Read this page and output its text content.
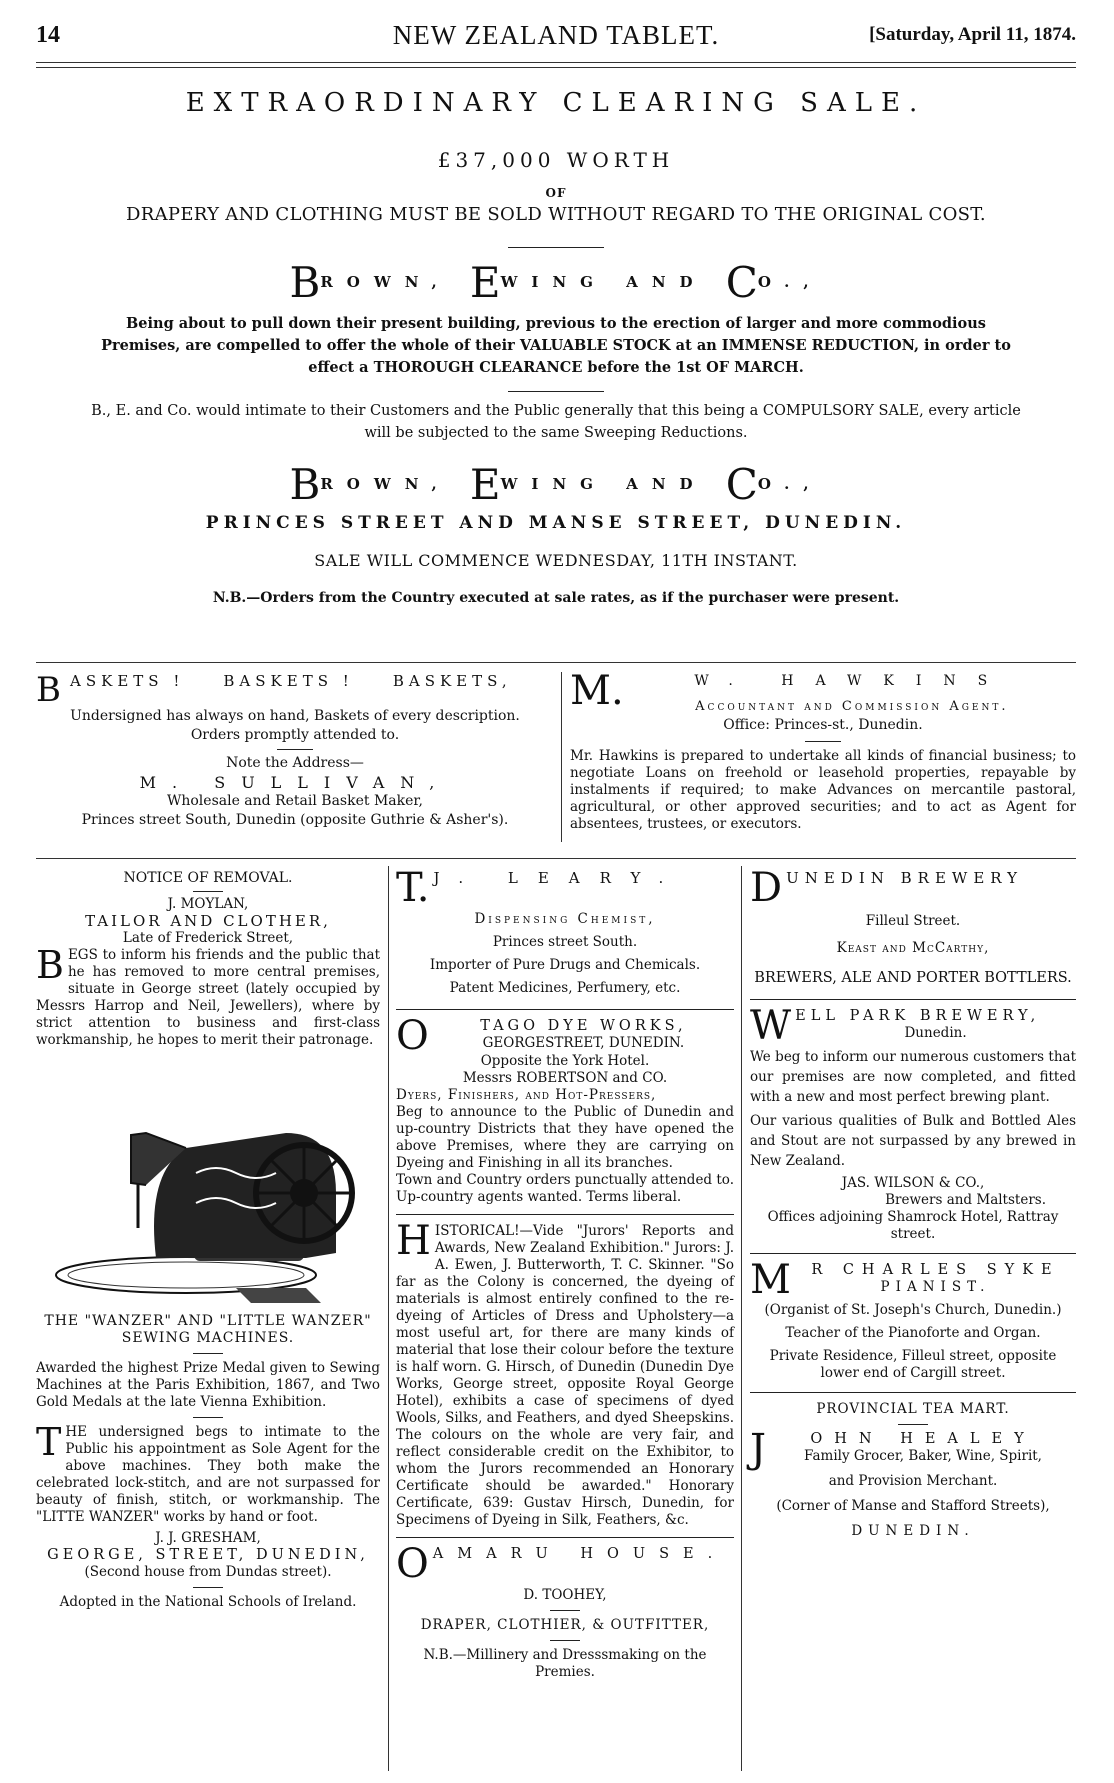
14	NEW ZEALAND TABLET.	[Saturday, April 11, 1874.
EXTRAORDINARY CLEARING SALE.
£37,000 WORTH
OF
DRAPERY AND CLOTHING MUST BE SOLD WITHOUT REGARD TO THE ORIGINAL COST.
BROWN, EWING AND CO.,
Being about to pull down their present building, previous to the erection of larger and more commodious Premises, are compelled to offer the whole of their VALUABLE STOCK at an IMMENSE REDUCTION, in order to effect a THOROUGH CLEARANCE before the 1st OF MARCH.
B., E. and Co. would intimate to their Customers and the Public generally that this being a COMPULSORY SALE, every article will be subjected to the same Sweeping Reductions.
BROWN, EWING AND CO.,
PRINCES STREET AND MANSE STREET, DUNEDIN.
SALE WILL COMMENCE WEDNESDAY, 11TH INSTANT.
N.B.—Orders from the Country executed at sale rates, as if the purchaser were present.
B ASKETS !    BASKETS !    BASKETS,
Undersigned has always on hand, Baskets of every description.
Orders promptly attended to.
Note the Address—
M. SULLIVAN,
Wholesale and Retail Basket Maker,
Princes street South, Dunedin (opposite Guthrie & Asher's).
M.	W. HAWKINS
Accountant and Commission Agent.
Office: Princes-st., Dunedin.
Mr. Hawkins is prepared to undertake all kinds of financial business; to negotiate Loans on freehold or leasehold properties, repayable by instalments if required; to make Advances on mercantile pastoral, agricultural, or other approved securities; and to act as Agent for absentees, trustees, or executors.
NOTICE OF REMOVAL.
J. MOYLAN,
TAILOR AND CLOTHER,
Late of Frederick Street,
B EGS to inform his friends and the public that he has removed to more central premises, situate in George street (lately occupied by Messrs Harrop and Neil, Jewellers), where by strict attention to business and first-class workmanship, he hopes to merit their patronage.
THE "WANZER" AND "LITTLE WANZER" SEWING MACHINES.
Awarded the highest Prize Medal given to Sewing Machines at the Paris Exhibition, 1867, and Two Gold Medals at the late Vienna Exhibition.
T HE undersigned begs to intimate to the Public his appointment as Sole Agent for the above machines. They both make the celebrated lock-stitch, and are not surpassed for beauty of finish, stitch, or workmanship. The "LITTE WANZER" works by hand or foot.
J. J. GRESHAM,
GEORGE, STREET, DUNEDIN,
(Second house from Dundas street).
Adopted in the National Schools of Ireland.
T. J. LEARY.
Dispensing Chemist,
Princes street South.
Importer of Pure Drugs and Chemicals.
Patent Medicines, Perfumery, etc.
O	TAGO DYE WORKS,
GEORGESTREET, DUNEDIN.
Opposite the York Hotel.
Messrs ROBERTSON and CO.
Dyers, Finishers, and Hot-Pressers,
Beg to announce to the Public of Dunedin and up-country Districts that they have opened the above Premises, where they are carrying on Dyeing and Finishing in all its branches.
Town and Country orders punctually attended to. Up-country agents wanted. Terms liberal.
H ISTORICAL!—Vide "Jurors' Reports and Awards, New Zealand Exhibition." Jurors: J. A. Ewen, J. Butterworth, T. C. Skinner. "So far as the Colony is concerned, the dyeing of materials is almost entirely confined to the re-dyeing of Articles of Dress and Upholstery—a most useful art, for there are many kinds of material that lose their colour before the texture is half worn. G. Hirsch, of Dunedin (Dunedin Dye Works, George street, opposite Royal George Hotel), exhibits a case of specimens of dyed Wools, Silks, and Feathers, and dyed Sheepskins. The colours on the whole are very fair, and reflect considerable credit on the Exhibitor, to whom the Jurors recommended an Honorary Certificate should be awarded." Honorary Certificate, 639: Gustav Hirsch, Dunedin, for Specimens of Dyeing in Silk, Feathers, &c.
O AMARU HOUSE.
D. TOOHEY,
DRAPER, CLOTHIER, & OUTFITTER,
N.B.—Millinery and Dresssmaking on the Premies.
D UNEDIN BREWERY
Filleul Street.
Keast and McCarthy,
BREWERS, ALE AND PORTER BOTTLERS.
W ELL PARK BREWERY,
Dunedin.
We beg to inform our numerous customers that our premises are now completed, and fitted with a new and most perfect brewing plant.
Our various qualities of Bulk and Bottled Ales and Stout are not surpassed by any brewed in New Zealand.
JAS. WILSON & CO.,
Brewers and Maltsters.
Offices adjoining Shamrock Hotel, Rattray street.
M	R CHARLES SYKE
PIANIST.
(Organist of St. Joseph's Church, Dunedin.)
Teacher of the Pianoforte and Organ.
Private Residence, Filleul street, opposite lower end of Cargill street.
PROVINCIAL TEA MART.
J	OHN HEALEY
Family Grocer, Baker, Wine, Spirit,
and Provision Merchant.
(Corner of Manse and Stafford Streets),
DUNEDIN.
